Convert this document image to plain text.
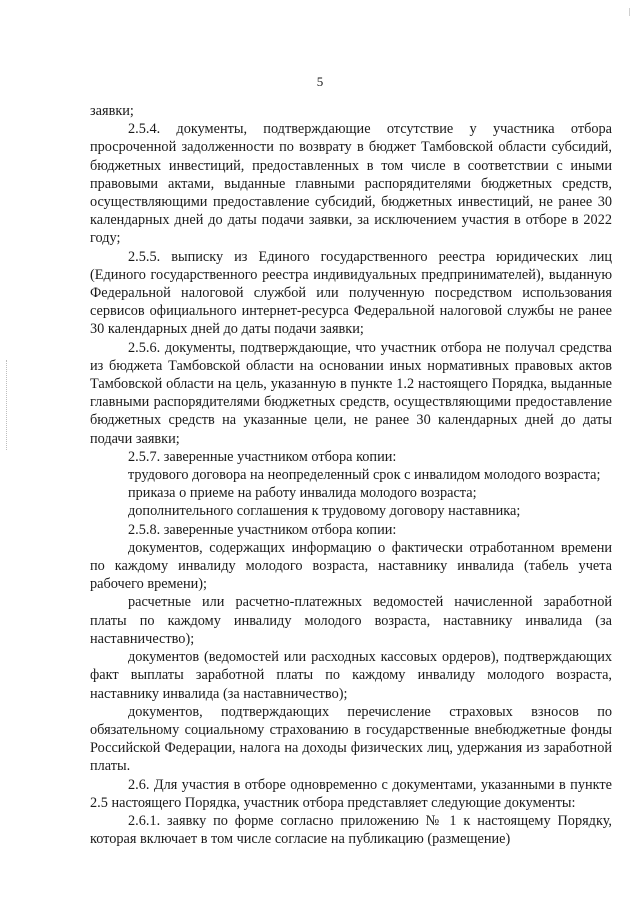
5

заявки;

2.5.4. документы, подтверждающие отсутствие у участника отбора просроченной задолженности по возврату в бюджет Тамбовской области субсидий, бюджетных инвестиций, предоставленных в том числе в соответствии с иными правовыми актами, выданные главными распорядителями бюджетных средств, осуществляющими предоставление субсидий, бюджетных инвестиций, не ранее 30 календарных дней до даты подачи заявки, за исключением участия в отборе в 2022 году;

2.5.5. выписку из Единого государственного реестра юридических лиц (Единого государственного реестра индивидуальных предпринимателей), выданную Федеральной налоговой службой или полученную посредством использования сервисов официального интернет-ресурса Федеральной налоговой службы не ранее 30 календарных дней до даты подачи заявки;

2.5.6. документы, подтверждающие, что участник отбора не получал средства из бюджета Тамбовской области на основании иных нормативных правовых актов Тамбовской области на цель, указанную в пункте 1.2 настоящего Порядка, выданные главными распорядителями бюджетных средств, осуществляющими предоставление бюджетных средств на указанные цели, не ранее 30 календарных дней до даты подачи заявки;

2.5.7. заверенные участником отбора копии:

трудового договора на неопределенный срок с инвалидом молодого возраста;

приказа о приеме на работу инвалида молодого возраста;

дополнительного соглашения к трудовому договору наставника;

2.5.8. заверенные участником отбора копии:

документов, содержащих информацию о фактически отработанном времени по каждому инвалиду молодого возраста, наставнику инвалида (табель учета рабочего времени);

расчетные или расчетно-платежных ведомостей начисленной заработной платы по каждому инвалиду молодого возраста, наставнику инвалида (за наставничество);

документов (ведомостей или расходных кассовых ордеров), подтверждающих факт выплаты заработной платы по каждому инвалиду молодого возраста, наставнику инвалида (за наставничество);

документов, подтверждающих перечисление страховых взносов по обязательному социальному страхованию в государственные внебюджетные фонды Российской Федерации, налога на доходы физических лиц, удержания из заработной платы.

2.6. Для участия в отборе одновременно с документами, указанными в пункте 2.5 настоящего Порядка, участник отбора представляет следующие документы:

2.6.1. заявку по форме согласно приложению № 1 к настоящему Порядку, которая включает в том числе согласие на публикацию (размещение)
